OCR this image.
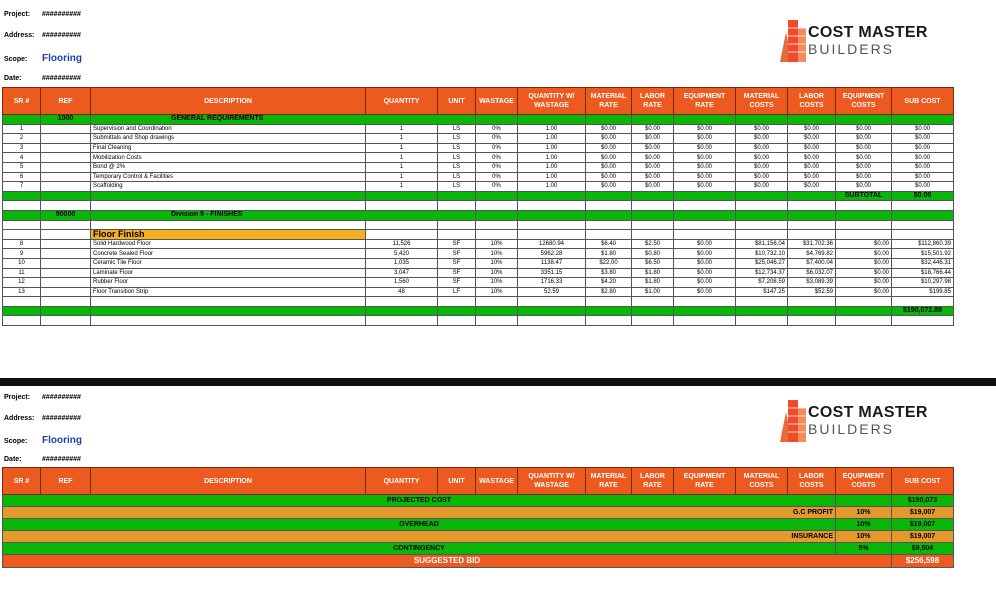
Project: ##########
Address: ##########
Scope: Flooring
Date:	##########
COST MASTER
BUILDERS
SR #	REF	DESCRIPTION	QUANTITY	UNIT	WASTAGE	QUANTITY W/ WASTAGE	MATERIAL RATE	LABOR RATE	EQUIPMENT RATE	MATERIAL COSTS	LABOR COSTS	EQUIPMENT COSTS	SUB COST
	1000	GENERAL REQUIREMENTS											
1		Supervision and Coordination	1	LS	0%	1.00	$0.00	$0.00	$0.00	$0.00	$0.00	$0.00	$0.00
2		Submittals and Shop drawings	1	LS	0%	1.00	$0.00	$0.00	$0.00	$0.00	$0.00	$0.00	$0.00
3		Final Cleaning	1	LS	0%	1.00	$0.00	$0.00	$0.00	$0.00	$0.00	$0.00	$0.00
4		Mobilization Costs	1	LS	0%	1.00	$0.00	$0.00	$0.00	$0.00	$0.00	$0.00	$0.00
5		Bond @ 2%	1	LS	0%	1.00	$0.00	$0.00	$0.00	$0.00	$0.00	$0.00	$0.00
6		Temporary Control & Facilities	1	LS	0%	1.00	$0.00	$0.00	$0.00	$0.00	$0.00	$0.00	$0.00
7		Scaffolding	1	LS	0%	1.00	$0.00	$0.00	$0.00	$0.00	$0.00	$0.00	$0.00
												SUBTOTAL	$0.00

	90000	Division 9 - FINISHES											

		Floor Finish											
8		Solid Hardwood Floor	11,526	SF	10%	12680.94	$6.40	$2.50	$0.00	$81,156.04	$31,702.36	$0.00	$112,860.39
9		Concrete Sealed Floor	5,420	SF	10%	5962.28	$1.80	$0.80	$0.00	$10,732.10	$4,769.82	$0.00	$15,501.92
10		Ceramic Tile Floor	1,035	SF	10%	1138.47	$22.00	$6.50	$0.00	$25,046.27	$7,400.04	$0.00	$32,446.31
11		Laminate Floor	3,047	SF	10%	3351.15	$3.80	$1.80	$0.00	$12,734.37	$6,032.07	$0.00	$18,766.44
12		Rubber Floor	1,560	SF	10%	1716.33	$4.20	$1.80	$0.00	$7,208.59	$3,089.39	$0.00	$10,297.98
13		Floor Transition Strip	48	LF	10%	52.59	$2.80	$1.00	$0.00	$147.25	$52.59	$0.00	$199.85

													$190,072.88

Project: ##########
Address: ##########
Scope: Flooring
Date:	##########
COST MASTER
BUILDERS
SR #	REF	DESCRIPTION	QUANTITY	UNIT	WASTAGE	QUANTITY W/ WASTAGE	MATERIAL RATE	LABOR RATE	EQUIPMENT RATE	MATERIAL COSTS	LABOR COSTS	EQUIPMENT COSTS	SUB COST
PROJECTED COST													$190,073
G.C PROFIT												10%	$19,007
OVERHEAD												10%	$19,007
INSURANCE												10%	$19,007
CONTINGENCY												5%	$9,504
SUGGESTED BID													$256,598
